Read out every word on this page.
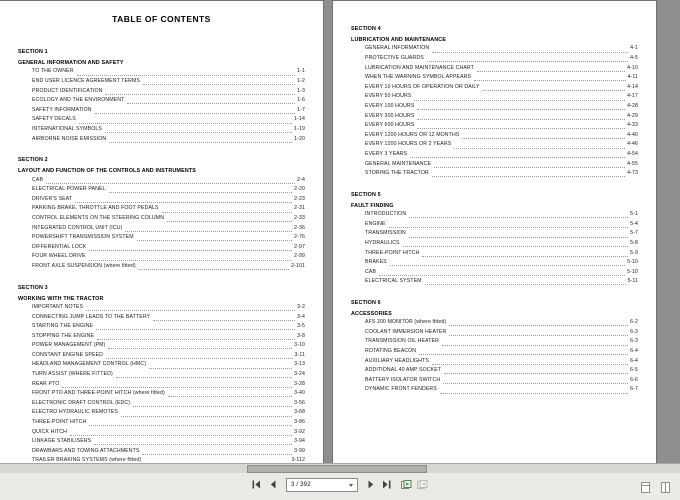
TABLE OF CONTENTS
SECTION 1
GENERAL INFORMATION AND SAFETY
TO THE OWNER	1-1
END USER LICENCE AGREEMENT TERMS	1-2
PRODUCT IDENTIFICATION	1-3
ECOLOGY AND THE ENVIRONMENT	1-6
SAFETY INFORMATION	1-7
SAFETY DECALS	1-14
INTERNATIONAL SYMBOLS	1-19
AIRBORNE NOISE EMISSION	1-20
SECTION 2
LAYOUT AND FUNCTION OF THE CONTROLS AND INSTRUMENTS
CAB	2-4
ELECTRICAL POWER PANEL	2-20
DRIVER'S SEAT	2-23
PARKING BRAKE, THROTTLE AND FOOT PEDALS	2-31
CONTROL ELEMENTS ON THE STEERING COLUMN	2-33
INTEGRATED CONTROL UNIT (ICU)	2-36
POWERSHIFT TRANSMISSION SYSTEM	2-76
DIFFERENTIAL LOCK	2-97
FOUR WHEEL DRIVE	2-99
FRONT AXLE SUSPENSION (where fitted)	2-101
SECTION 3
WORKING WITH THE TRACTOR
IMPORTANT NOTES	3-2
CONNECTING JUMP LEADS TO THE BATTERY	3-4
STARTING THE ENGINE	3-5
STOPPING THE ENGINE	3-8
POWER MANAGEMENT (PM)	3-10
CONSTANT ENGINE SPEED	3-11
HEADLAND MANAGEMENT CONTROL (HMC)	3-13
TURN ASSIST (WHERE FITTED)	3-24
REAR PTO	3-28
FRONT PTO AND THREE-POINT HITCH (where fitted)	3-40
ELECTRONIC DRAFT CONTROL (EDC)	3-56
ELECTRO HYDRAULIC REMOTES	3-68
THREE-POINT HITCH	3-86
QUICK HITCH	3-92
LINKAGE STABILISERS	3-94
DRAWBARS AND TOWING ATTACHMENTS	3-99
TRAILER BRAKING SYSTEMS (where fitted)	3-112
SECTION 4
LUBRICATION AND MAINTENANCE
GENERAL INFORMATION	4-1
PROTECTIVE GUARDS	4-5
LUBRICATION AND MAINTENANCE CHART	4-10
WHEN THE WARNING SYMBOL APPEARS	4-11
EVERY 10 HOURS OF OPERATION OR DAILY	4-14
EVERY 50 HOURS	4-17
EVERY 100 HOURS	4-28
EVERY 300 HOURS	4-29
EVERY 600 HOURS	4-33
EVERY 1200 HOURS OR 12 MONTHS	4-40
EVERY 1200 HOURS OR 2 YEARS	4-46
EVERY 3 YEARS	4-54
GENERAL MAINTENANCE	4-55
STORING THE TRACTOR	4-73
SECTION 5
FAULT FINDING
INTRODUCTION	5-1
ENGINE	5-4
TRANSMISSION	5-7
HYDRAULICS	5-8
THREE-POINT HITCH	5-9
BRAKES	5-10
CAB	5-10
ELECTRICAL SYSTEM	5-11
SECTION 6
ACCESSORIES
AFS 200 MONITOR (where fitted)	6-2
COOLANT IMMERSION HEATER	6-3
TRANSMISSION OIL HEATER	6-3
ROTATING BEACON	6-4
AUXILIARY HEADLIGHTS	6-4
ADDITIONAL 40 AMP SOCKET	6-5
BATTERY ISOLATOR SWITCH	6-6
DYNAMIC FRONT FENDERS	6-7
3 / 392
